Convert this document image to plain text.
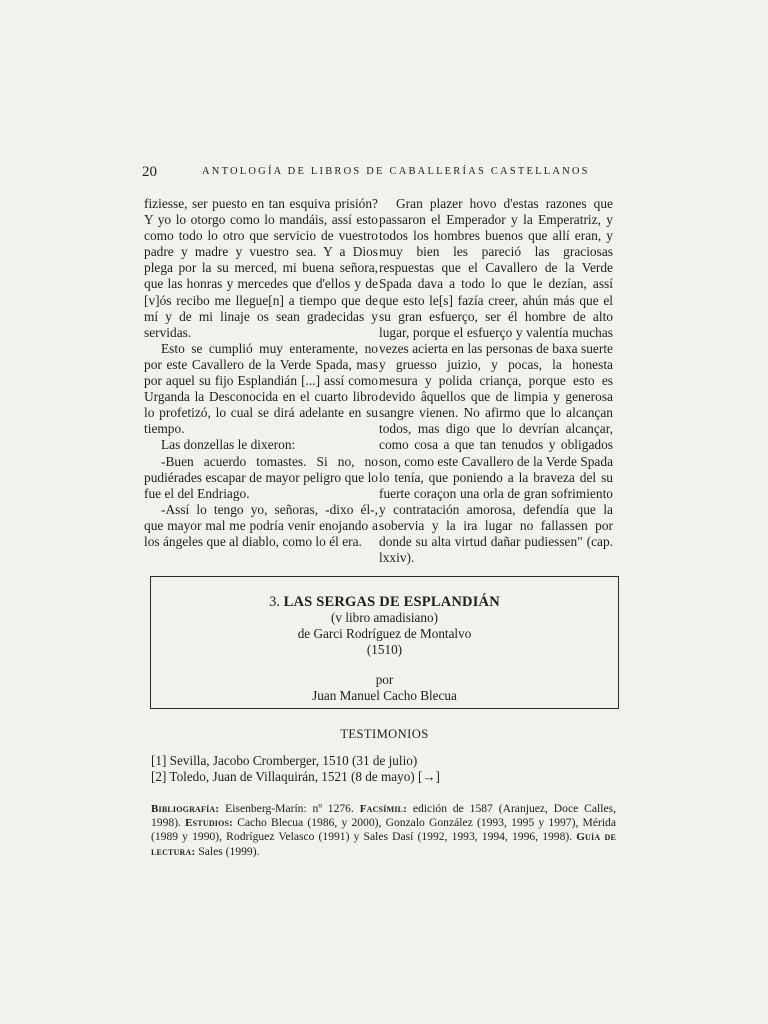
20	ANTOLOGÍA DE LIBROS DE CABALLERÍAS CASTELLANOS

fiziesse, ser puesto en tan esquiva prisión? Y yo lo otorgo como lo mandáis, assí esto como todo lo otro que servicio de vuestro padre y madre y vuestro sea. Y a Dios plega por la su merced, mi buena señora, que las honras y mercedes que d'ellos y de [v]ós recibo me llegue[n] a tiempo que de mí y de mi linaje os sean gradecidas y servidas.

Esto se cumplió muy enteramente, no por este Cavallero de la Verde Spada, mas por aquel su fijo Esplandián [...] assí como Urganda la Desconocida en el cuarto libro lo profetizó, lo cual se dirá adelante en su tiempo.

Las donzellas le dixeron:

-Buen acuerdo tomastes. Si no, no pudiérades escapar de mayor peligro que lo fue el del Endriago.

-Assí lo tengo yo, señoras, -dixo él-, que mayor mal me podría venir enojando a los ángeles que al diablo, como lo él era.

Gran plazer hovo d'estas razones que passaron el Emperador y la Emperatriz, y todos los hombres buenos que allí eran, y muy bien les pareció las graciosas respuestas que el Cavallero de la Verde Spada dava a todo lo que le dezían, assí que esto le[s] fazía creer, ahún más que el su gran esfuerço, ser él hombre de alto lugar, porque el esfuerço y valentía muchas vezes acierta en las personas de baxa suerte y gruesso juizio, y pocas, la honesta mesura y polida criança, porque esto es devido âquellos que de limpia y generosa sangre vienen. No afirmo que lo alcançan todos, mas digo que lo devrían alcançar, como cosa a que tan tenudos y obligados son, como este Cavallero de la Verde Spada lo tenía, que poniendo a la braveza del su fuerte coraçon una orla de gran sofrimiento y contratación amorosa, defendía que la sobervia y la ira lugar no fallassen por donde su alta virtud dañar pudiessen" (cap. lxxiv).

3. LAS SERGAS DE ESPLANDIÁN
(v libro amadisiano)
de Garci Rodríguez de Montalvo
(1510)
por
Juan Manuel Cacho Blecua
TESTIMONIOS
[1] Sevilla, Jacobo Cromberger, 1510 (31 de julio)
[2] Toledo, Juan de Villaquirán, 1521 (8 de mayo) [→]
Bibliografía: Eisenberg-Marín: nº 1276. Facsímil: edición de 1587 (Aranjuez, Doce Calles, 1998). Estudios: Cacho Blecua (1986, y 2000), Gonzalo González (1993, 1995 y 1997), Mérida (1989 y 1990), Rodríguez Velasco (1991) y Sales Dasí (1992, 1993, 1994, 1996, 1998). Guía de lectura: Sales (1999).
